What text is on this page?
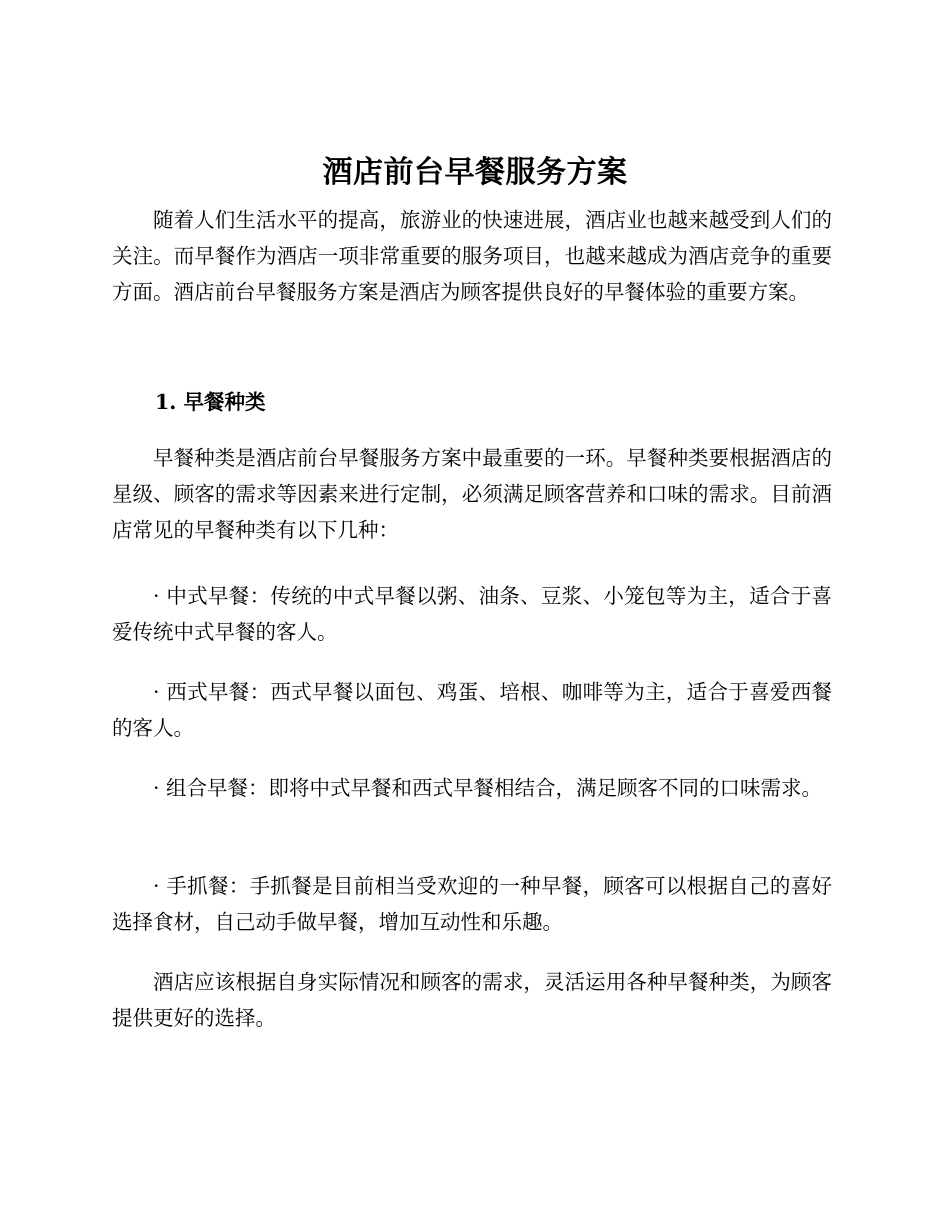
酒店前台早餐服务方案

随着人们生活水平的提高，旅游业的快速进展，酒店业也越来越受到人们的关注。而早餐作为酒店一项非常重要的服务项目，也越来越成为酒店竞争的重要方面。酒店前台早餐服务方案是酒店为顾客提供良好的早餐体验的重要方案。

1. 早餐种类

早餐种类是酒店前台早餐服务方案中最重要的一环。早餐种类要根据酒店的星级、顾客的需求等因素来进行定制，必须满足顾客营养和口味的需求。目前酒店常见的早餐种类有以下几种：

· 中式早餐：传统的中式早餐以粥、油条、豆浆、小笼包等为主，适合于喜爱传统中式早餐的客人。

· 西式早餐：西式早餐以面包、鸡蛋、培根、咖啡等为主，适合于喜爱西餐的客人。

· 组合早餐：即将中式早餐和西式早餐相结合，满足顾客不同的口味需求。

· 手抓餐：手抓餐是目前相当受欢迎的一种早餐，顾客可以根据自己的喜好选择食材，自己动手做早餐，增加互动性和乐趣。

酒店应该根据自身实际情况和顾客的需求，灵活运用各种早餐种类，为顾客提供更好的选择。
